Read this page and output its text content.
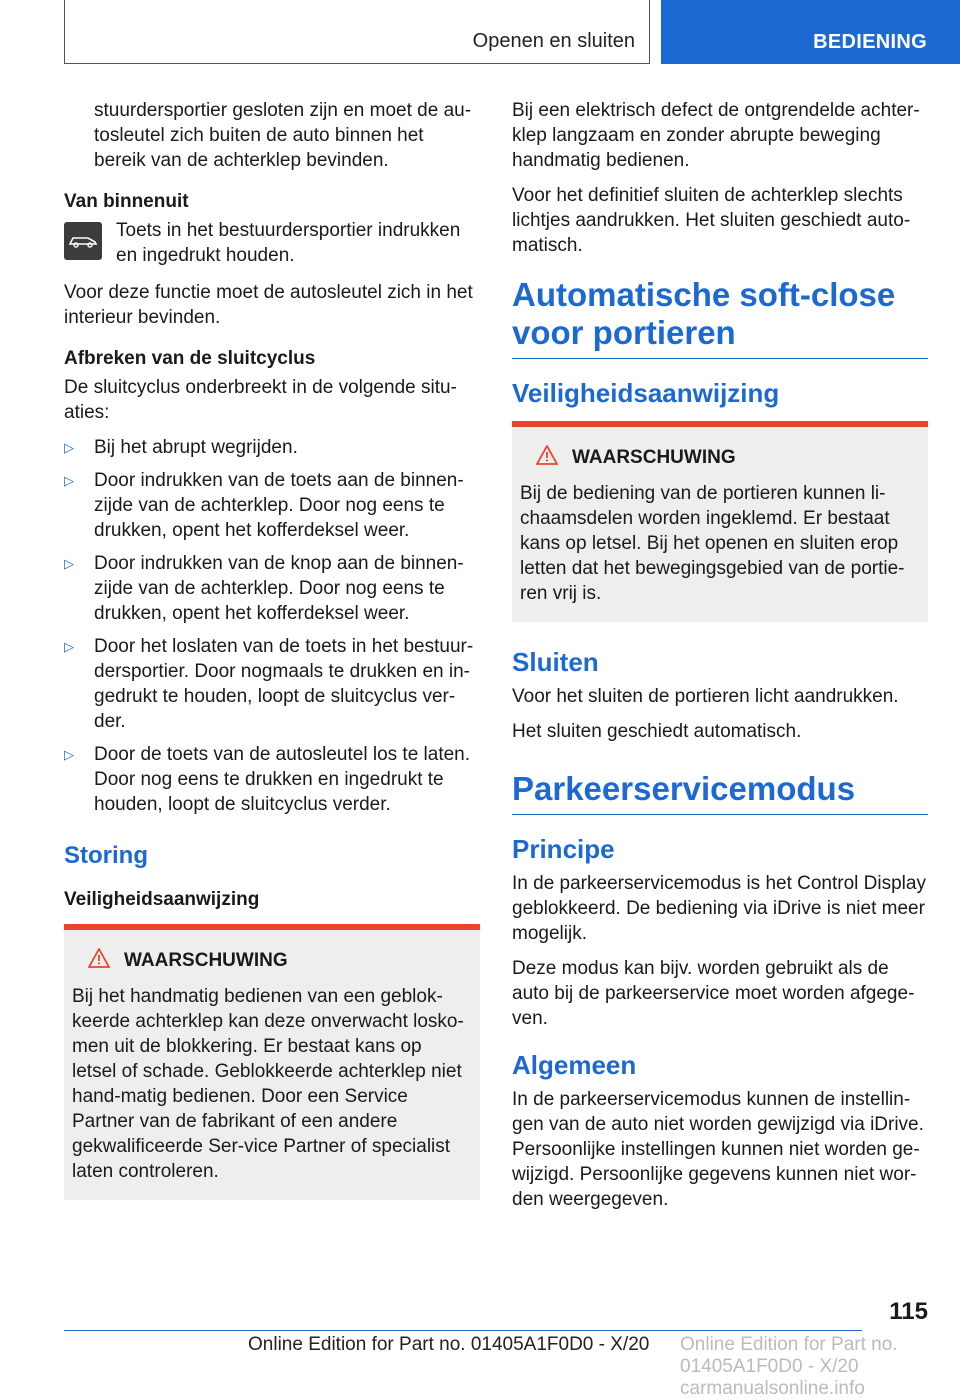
Openen en sluiten	BEDIENING

stuurdersportier gesloten zijn en moet de au-tosleutel zich buiten de auto binnen het bereik van de achterklep bevinden.

Van binnenuit
Toets in het bestuurdersportier indrukken en ingedrukt houden.

Voor deze functie moet de autosleutel zich in het interieur bevinden.

Afbreken van de sluitcyclus

De sluitcyclus onderbreekt in de volgende situ-aties:

▷ Bij het abrupt wegrijden.
▷ Door indrukken van de toets aan de binnen-zijde van de achterklep. Door nog eens te drukken, opent het kofferdeksel weer.
▷ Door indrukken van de knop aan de binnen-zijde van de achterklep. Door nog eens te drukken, opent het kofferdeksel weer.
▷ Door het loslaten van de toets in het bestuur-dersportier. Door nogmaals te drukken en in-gedrukt te houden, loopt de sluitcyclus ver-der.
▷ Door de toets van de autosleutel los te laten. Door nog eens te drukken en ingedrukt te houden, loopt de sluitcyclus verder.
Storing
Veiligheidsaanwijzing
WAARSCHUWING

Bij het handmatig bedienen van een geblok-keerde achterklep kan deze onverwacht losko-men uit de blokkering. Er bestaat kans op letsel of schade. Geblokkeerde achterklep niet hand-matig bedienen. Door een Service Partner van de fabrikant of een andere gekwalificeerde Ser-vice Partner of specialist laten controleren.

Bij een elektrisch defect de ontgrendelde achter-klep langzaam en zonder abrupte beweging handmatig bedienen.

Voor het definitief sluiten de achterklep slechts lichtjes aandrukken. Het sluiten geschiedt auto-matisch.

Automatische soft-close voor portieren
Veiligheidsaanwijzing
WAARSCHUWING

Bij de bediening van de portieren kunnen li-chaamsdelen worden ingeklemd. Er bestaat kans op letsel. Bij het openen en sluiten erop letten dat het bewegingsgebied van de portie-ren vrij is.

Sluiten

Voor het sluiten de portieren licht aandrukken.

Het sluiten geschiedt automatisch.

Parkeerservicemodus
Principe

In de parkeerservicemodus is het Control Display geblokkeerd. De bediening via iDrive is niet meer mogelijk.

Deze modus kan bijv. worden gebruikt als de auto bij de parkeerservice moet worden afgege-ven.

Algemeen

In de parkeerservicemodus kunnen de instellin-gen van de auto niet worden gewijzigd via iDrive. Persoonlijke instellingen kunnen niet worden ge-wijzigd. Persoonlijke gegevens kunnen niet wor-den weergegeven.

115
Online Edition for Part no. 01405A1F0D0 - X/20 Online Edition for Part no. 01405A1F0D0 - X/20 carmanualsonline.info
